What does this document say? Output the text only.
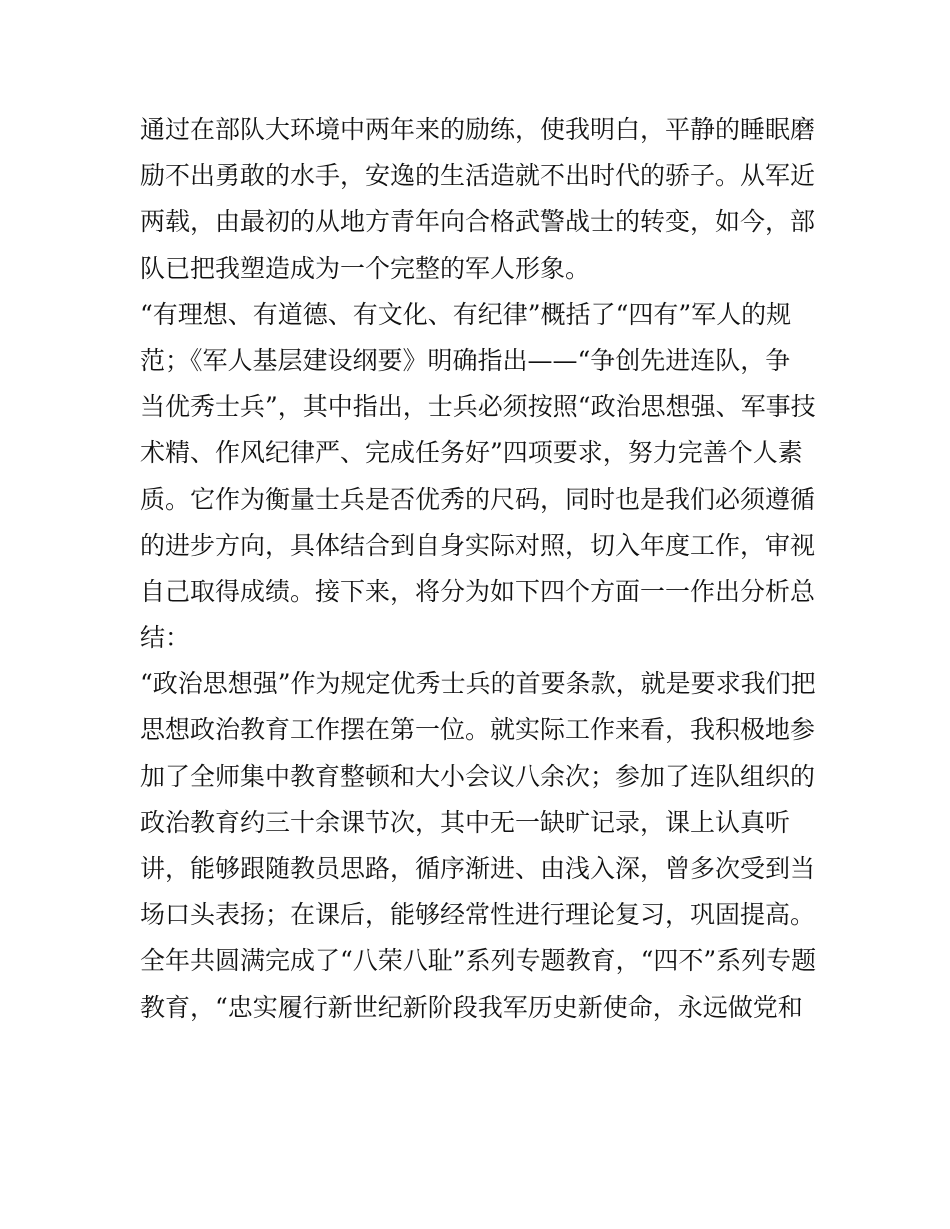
通过在部队大环境中两年来的励练，使我明白，平静的睡眠磨
励不出勇敢的水手，安逸的生活造就不出时代的骄子。从军近
两载，由最初的从地方青年向合格武警战士的转变，如今，部
队已把我塑造成为一个完整的军人形象。
“有理想、有道德、有文化、有纪律”概括了“四有”军人的规
范；《军人基层建设纲要》明确指出——“争创先进连队，争
当优秀士兵”，其中指出，士兵必须按照“政治思想强、军事技
术精、作风纪律严、完成任务好”四项要求，努力完善个人素
质。它作为衡量士兵是否优秀的尺码，同时也是我们必须遵循
的进步方向，具体结合到自身实际对照，切入年度工作，审视
自己取得成绩。接下来，将分为如下四个方面一一作出分析总
结：
“政治思想强”作为规定优秀士兵的首要条款，就是要求我们把
思想政治教育工作摆在第一位。就实际工作来看，我积极地参
加了全师集中教育整顿和大小会议八余次；参加了连队组织的
政治教育约三十余课节次，其中无一缺旷记录，课上认真听
讲，能够跟随教员思路，循序渐进、由浅入深，曾多次受到当
场口头表扬；在课后，能够经常性进行理论复习，巩固提高。
全年共圆满完成了“八荣八耻”系列专题教育，“四不”系列专题
教育，“忠实履行新世纪新阶段我军历史新使命，永远做党和
